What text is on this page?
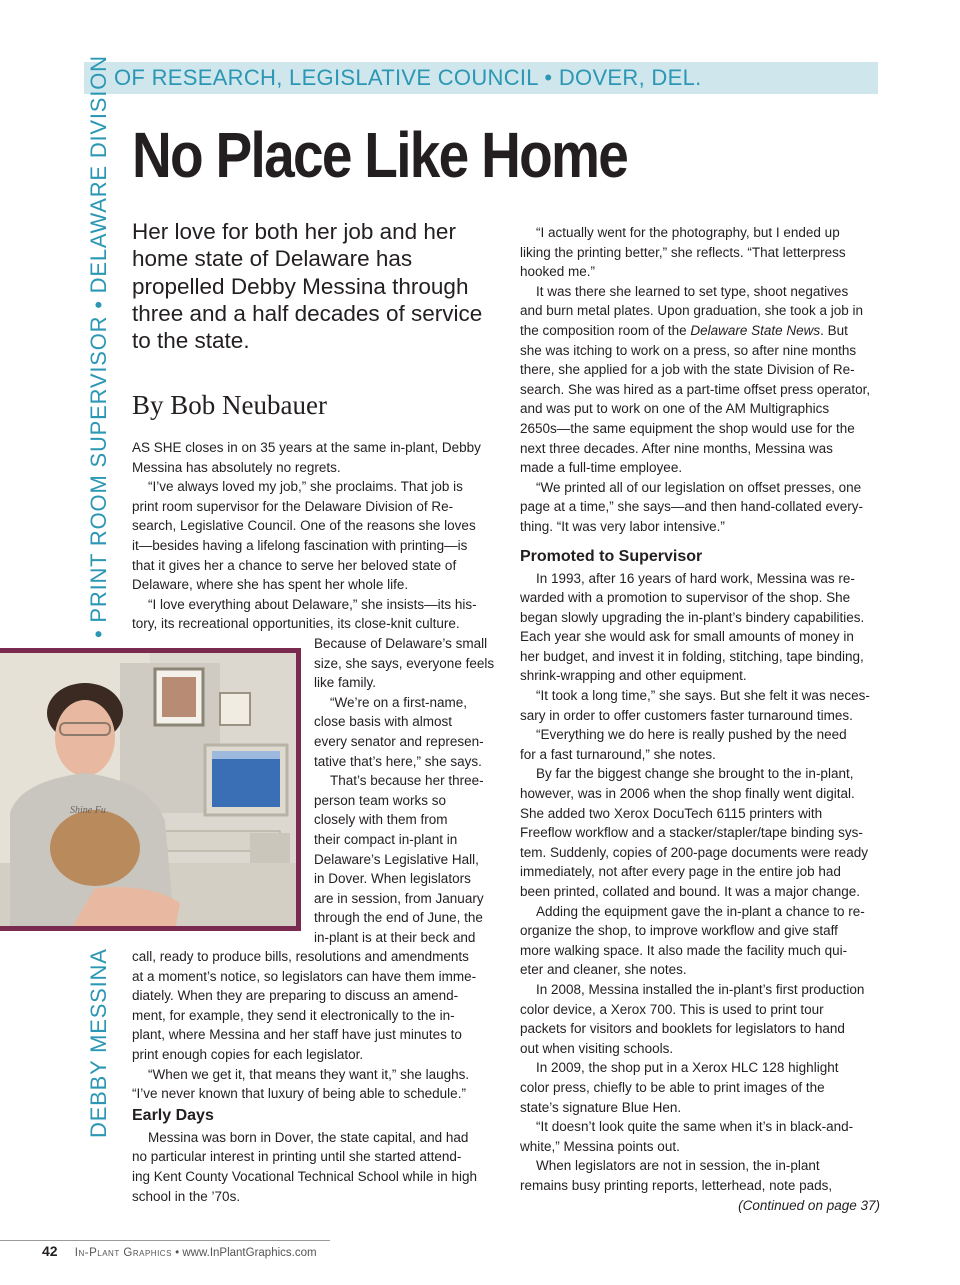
OF RESEARCH, LEGISLATIVE COUNCIL • DOVER, DEL.
• PRINT ROOM SUPERVISOR • DELAWARE DIVISION
DEBBY MESSINA
No Place Like Home
Her love for both her job and her home state of Delaware has propelled Debby Messina through three and a half decades of service to the state.
By Bob Neubauer
AS SHE closes in on 35 years at the same in-plant, Debby
Messina has absolutely no regrets.
“I’ve always loved my job,” she proclaims. That job is
print room supervisor for the Delaware Division of Re-
search, Legislative Council. One of the reasons she loves
it—besides having a lifelong fascination with printing—is
that it gives her a chance to serve her beloved state of
Delaware, where she has spent her whole life.
“I love everything about Delaware,” she insists—its his-
tory, its recreational opportunities, its close-knit culture.
Shine Fu
Because of Delaware’s small
size, she says, everyone feels
like family.
“We’re on a first-name,
close basis with almost
every senator and represen-
tative that’s here,” she says.
That’s because her three-
person team works so
closely with them from
their compact in-plant in
Delaware’s Legislative Hall,
in Dover. When legislators
are in session, from January
through the end of June, the
in-plant is at their beck and
call, ready to produce bills, resolutions and amendments
at a moment’s notice, so legislators can have them imme-
diately. When they are preparing to discuss an amend-
ment, for example, they send it electronically to the in-
plant, where Messina and her staff have just minutes to
print enough copies for each legislator.
“When we get it, that means they want it,” she laughs.
“I’ve never known that luxury of being able to schedule.”
Early Days
Messina was born in Dover, the state capital, and had
no particular interest in printing until she started attend-
ing Kent County Vocational Technical School while in high
school in the ’70s.
“I actually went for the photography, but I ended up
liking the printing better,” she reflects. “That letterpress
hooked me.”
It was there she learned to set type, shoot negatives
and burn metal plates. Upon graduation, she took a job in
the composition room of the Delaware State News. But
she was itching to work on a press, so after nine months
there, she applied for a job with the state Division of Re-
search. She was hired as a part-time offset press operator,
and was put to work on one of the AM Multigraphics
2650s—the same equipment the shop would use for the
next three decades. After nine months, Messina was
made a full-time employee.
“We printed all of our legislation on offset presses, one
page at a time,” she says—and then hand-collated every-
thing. “It was very labor intensive.”
Promoted to Supervisor
In 1993, after 16 years of hard work, Messina was re-
warded with a promotion to supervisor of the shop. She
began slowly upgrading the in-plant’s bindery capabilities.
Each year she would ask for small amounts of money in
her budget, and invest it in folding, stitching, tape binding,
shrink-wrapping and other equipment.
“It took a long time,” she says. But she felt it was neces-
sary in order to offer customers faster turnaround times.
“Everything we do here is really pushed by the need
for a fast turnaround,” she notes.
By far the biggest change she brought to the in-plant,
however, was in 2006 when the shop finally went digital.
She added two Xerox DocuTech 6115 printers with
Freeflow workflow and a stacker/stapler/tape binding sys-
tem. Suddenly, copies of 200-page documents were ready
immediately, not after every page in the entire job had
been printed, collated and bound. It was a major change.
Adding the equipment gave the in-plant a chance to re-
organize the shop, to improve workflow and give staff
more walking space. It also made the facility much qui-
eter and cleaner, she notes.
In 2008, Messina installed the in-plant’s first production
color device, a Xerox 700. This is used to print tour
packets for visitors and booklets for legislators to hand
out when visiting schools.
In 2009, the shop put in a Xerox HLC 128 highlight
color press, chiefly to be able to print images of the
state’s signature Blue Hen.
“It doesn’t look quite the same when it’s in black-and-
white,” Messina points out.
When legislators are not in session, the in-plant
remains busy printing reports, letterhead, note pads,
(Continued on page 37)
42 In-Plant Graphics • www.InPlantGraphics.com
